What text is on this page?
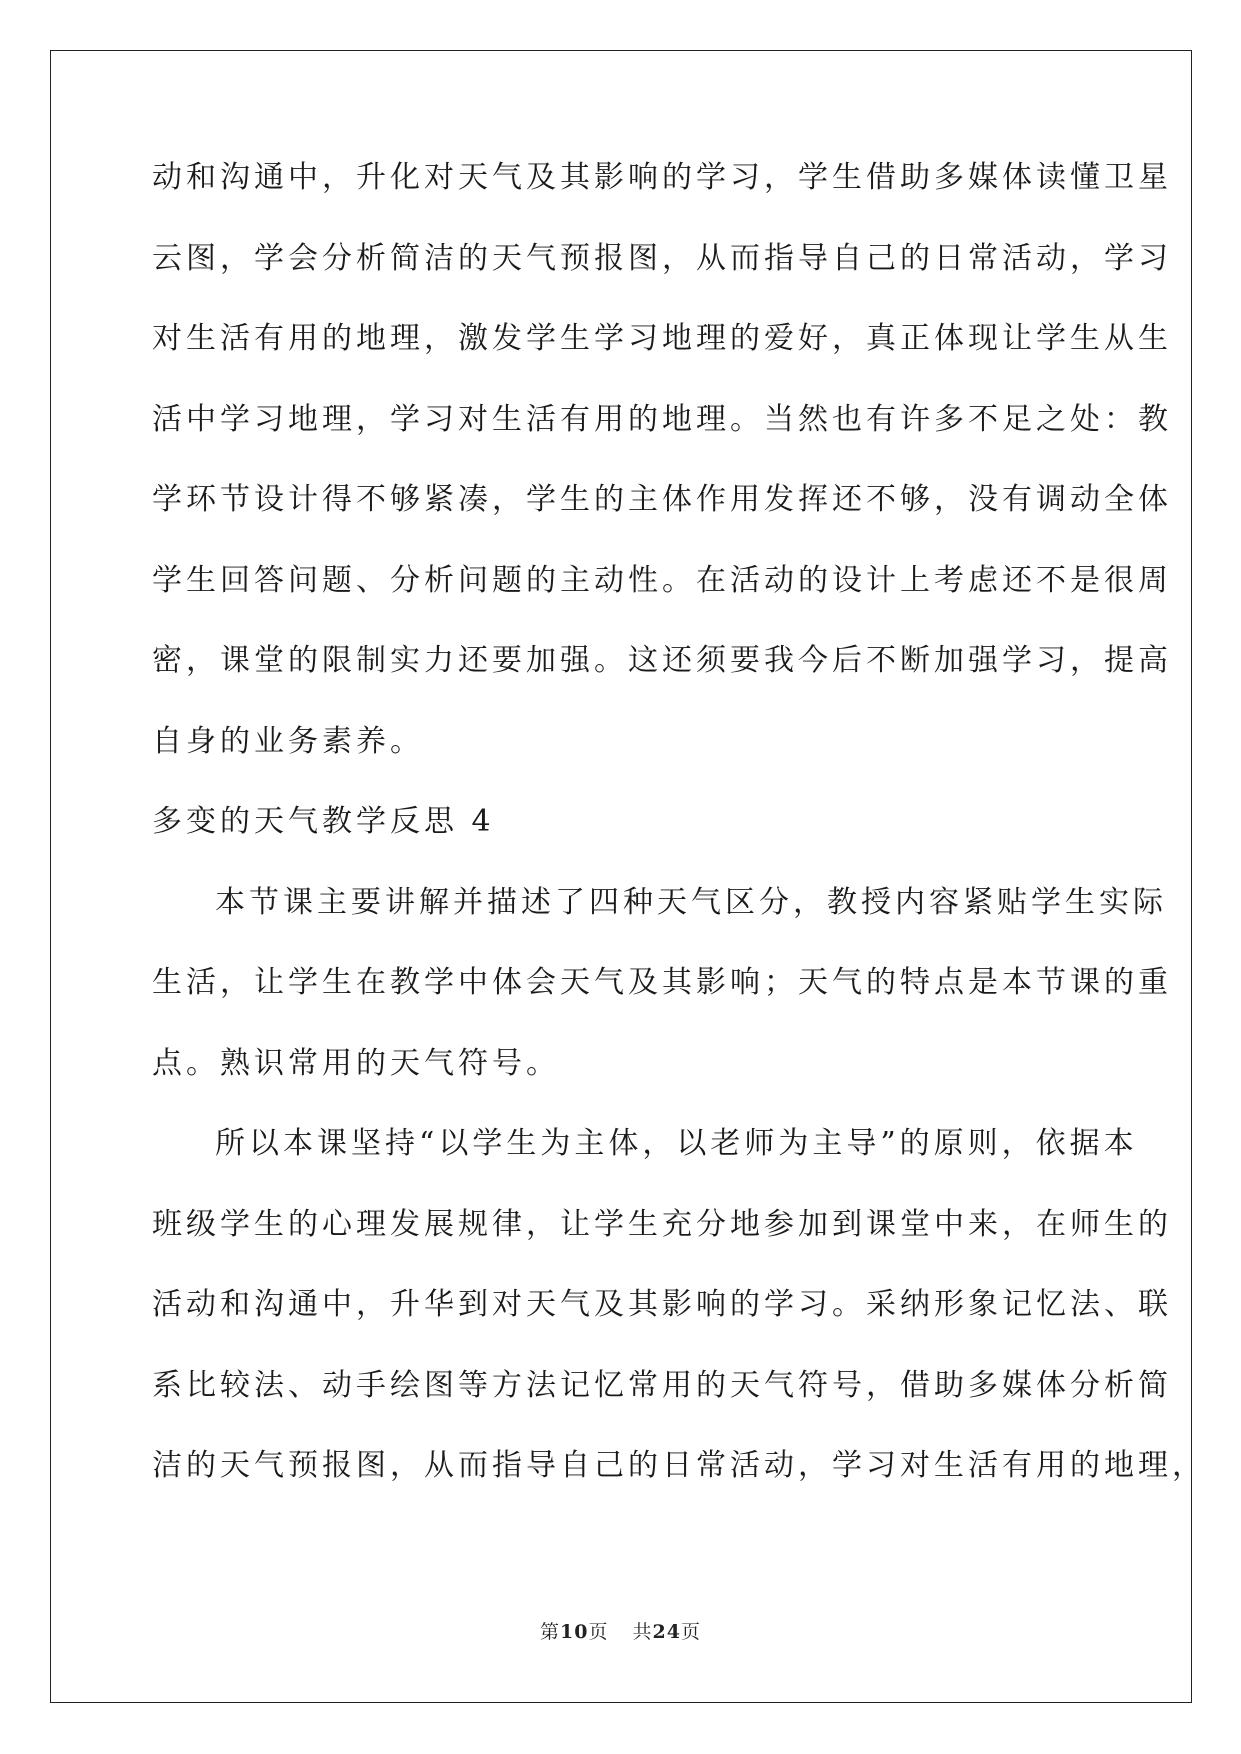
动和沟通中，升化对天气及其影响的学习，学生借助多媒体读懂卫星
云图，学会分析简洁的天气预报图，从而指导自己的日常活动，学习
对生活有用的地理，激发学生学习地理的爱好，真正体现让学生从生
活中学习地理，学习对生活有用的地理。当然也有许多不足之处：教
学环节设计得不够紧凑，学生的主体作用发挥还不够，没有调动全体
学生回答问题、分析问题的主动性。在活动的设计上考虑还不是很周
密，课堂的限制实力还要加强。这还须要我今后不断加强学习，提高
自身的业务素养。
多变的天气教学反思 4
本节课主要讲解并描述了四种天气区分，教授内容紧贴学生实际
生活，让学生在教学中体会天气及其影响；天气的特点是本节课的重
点。熟识常用的天气符号。
所以本课坚持“以学生为主体，以老师为主导”的原则，依据本
班级学生的心理发展规律，让学生充分地参加到课堂中来，在师生的
活动和沟通中，升华到对天气及其影响的学习。采纳形象记忆法、联
系比较法、动手绘图等方法记忆常用的天气符号，借助多媒体分析简
洁的天气预报图，从而指导自己的日常活动，学习对生活有用的地理，
第10页 共24页
